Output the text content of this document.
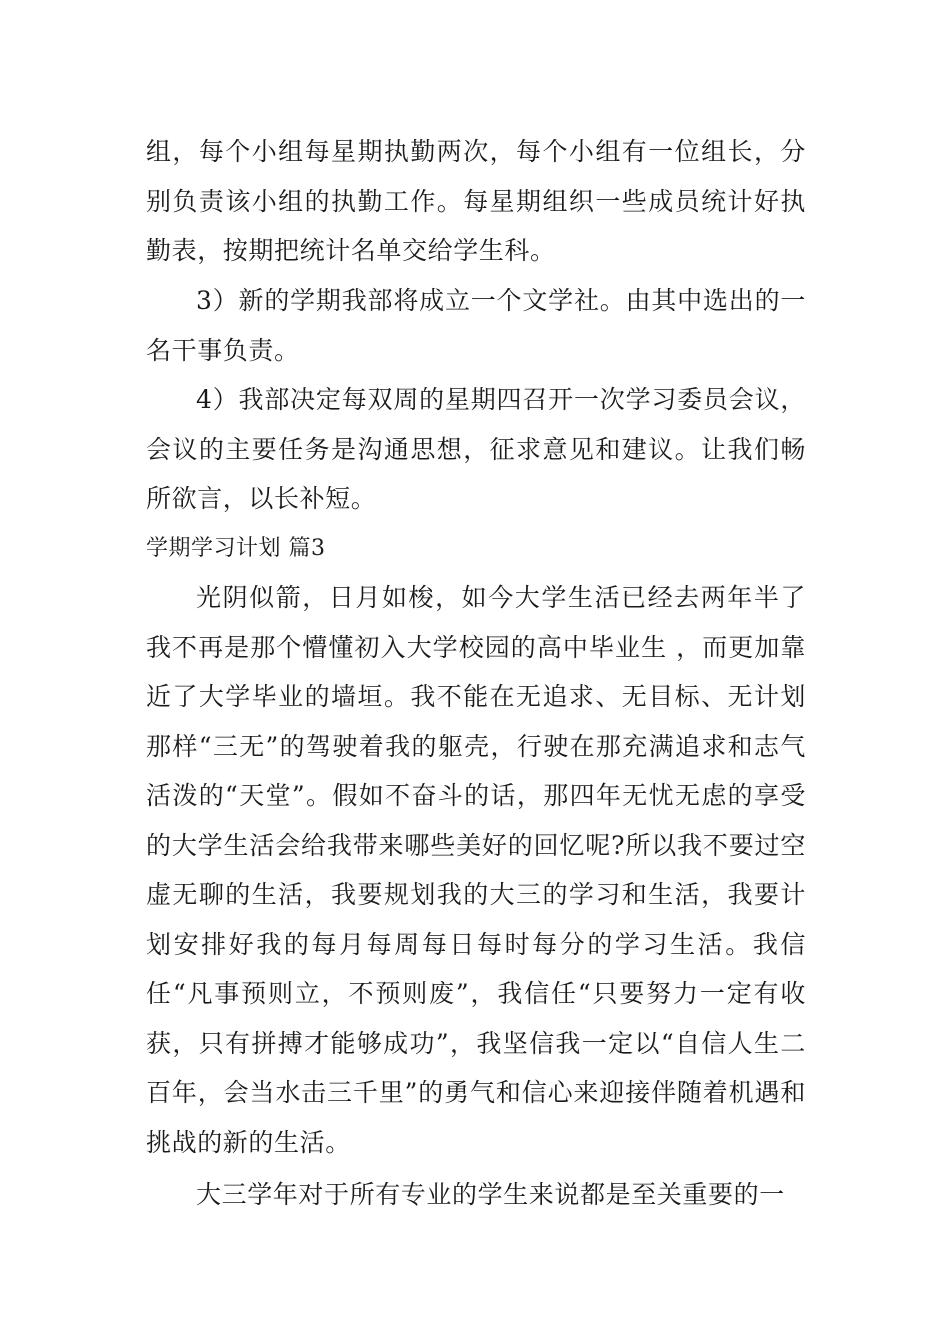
组，每个小组每星期执勤两次，每个小组有一位组长，分别负责该小组的执勤工作。每星期组织一些成员统计好执勤表，按期把统计名单交给学生科。

3）新的学期我部将成立一个文学社。由其中选出的一名干事负责。

4）我部决定每双周的星期四召开一次学习委员会议，会议的主要任务是沟通思想，征求意见和建议。让我们畅所欲言，以长补短。

学期学习计划 篇3

光阴似箭，日月如梭，如今大学生活已经去两年半了我不再是那个懵懂初入大学校园的高中毕业生 ，而更加靠近了大学毕业的墙垣。我不能在无追求、无目标、无计划那样“三无”的驾驶着我的躯壳，行驶在那充满追求和志气活泼的“天堂”。假如不奋斗的话，那四年无忧无虑的享受的大学生活会给我带来哪些美好的回忆呢?所以我不要过空虚无聊的生活，我要规划我的大三的学习和生活，我要计划安排好我的每月每周每日每时每分的学习生活。我信任“凡事预则立，不预则废”，我信任“只要努力一定有收获，只有拼搏才能够成功”，我坚信我一定以“自信人生二百年，会当水击三千里”的勇气和信心来迎接伴随着机遇和挑战的新的生活。

大三学年对于所有专业的学生来说都是至关重要的一
